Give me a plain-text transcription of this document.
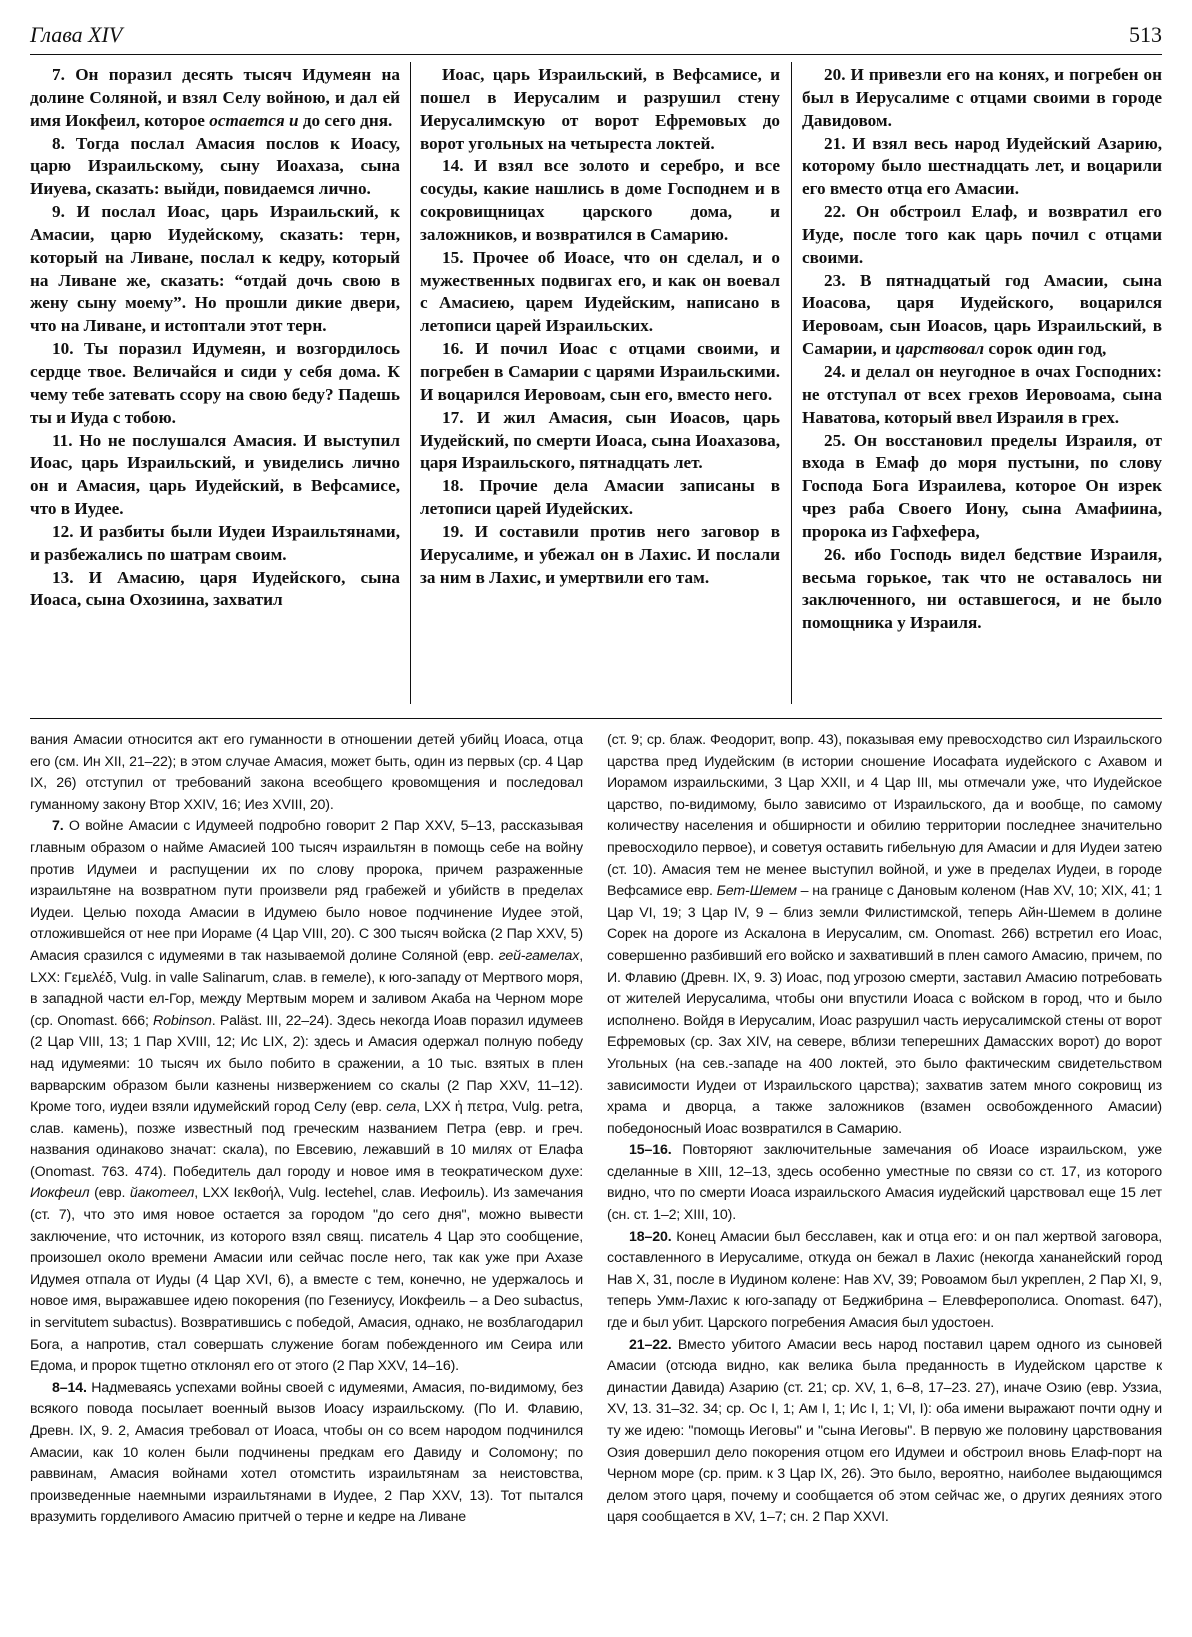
Глава XIV	513

7. Он поразил десять тысяч Идумеян на долине Соляной, и взял Селу войною, и дал ей имя Иокфеил, которое остается и до сего дня.

8. Тогда послал Амасия послов к Иоасу, царю Израильскому, сыну Иоахаза, сына Ииуева, сказать: выйди, повидаемся лично.

9. И послал Иоас, царь Израильский, к Амасии, царю Иудейскому, сказать: терн, который на Ливане, послал к кедру, который на Ливане же, сказать: “отдай дочь свою в жену сыну моему”. Но прошли дикие двери, что на Ливане, и истоптали этот терн.

10. Ты поразил Идумеян, и возгордилось сердце твое. Величайся и сиди у себя дома. К чему тебе затевать ссору на свою беду? Падешь ты и Иуда с тобою.

11. Но не послушался Амасия. И выступил Иоас, царь Израильский, и увиделись лично он и Амасия, царь Иудейский, в Вефсамисе, что в Иудее.

12. И разбиты были Иудеи Израильтянами, и разбежались по шатрам своим.

13. И Амасию, царя Иудейского, сына Иоаса, сына Охозиина, захватил

Иоас, царь Израильский, в Вефсамисе, и пошел в Иерусалим и разрушил стену Иерусалимскую от ворот Ефремовых до ворот угольных на четыреста локтей.

14. И взял все золото и серебро, и все сосуды, какие нашлись в доме Господнем и в сокровищницах царского дома, и заложников, и возвратился в Самарию.

15. Прочее об Иоасе, что он сделал, и о мужественных подвигах его, и как он воевал с Амасиею, царем Иудейским, написано в летописи царей Израильских.

16. И почил Иоас с отцами своими, и погребен в Самарии с царями Израильскими. И воцарился Иеровоам, сын его, вместо него.

17. И жил Амасия, сын Иоасов, царь Иудейский, по смерти Иоаса, сына Иоахазова, царя Израильского, пятнадцать лет.

18. Прочие дела Амасии записаны в летописи царей Иудейских.

19. И составили против него заговор в Иерусалиме, и убежал он в Лахис. И послали за ним в Лахис, и умертвили его там.

20. И привезли его на конях, и погребен он был в Иерусалиме с отцами своими в городе Давидовом.

21. И взял весь народ Иудейский Азарию, которому было шестнадцать лет, и воцарили его вместо отца его Амасии.

22. Он обстроил Елаф, и возвратил его Иуде, после того как царь почил с отцами своими.

23. В пятнадцатый год Амасии, сына Иоасова, царя Иудейского, воцарился Иеровоам, сын Иоасов, царь Израильский, в Самарии, и царствовал сорок один год,

24. и делал он неугодное в очах Господних: не отступал от всех грехов Иеровоама, сына Наватова, который ввел Израиля в грех.

25. Он восстановил пределы Израиля, от входа в Емаф до моря пустыни, по слову Господа Бога Израилева, которое Он изрек чрез раба Своего Иону, сына Амафиина, пророка из Гафхефера,

26. ибо Господь видел бедствие Израиля, весьма горькое, так что не оставалось ни заключенного, ни оставшегося, и не было помощника у Израиля.

вания Амасии относится акт его гуманности в отношении детей убийц Иоаса, отца его (см. Ин XII, 21–22); в этом случае Амасия, может быть, один из первых (ср. 4 Цар IX, 26) отступил от требований закона всеобщего кровомщения и последовал гуманному закону Втор XXIV, 16; Иез XVIII, 20).

7. О войне Амасии с Идумеей подробно говорит 2 Пар XXV, 5–13, рассказывая главным образом о найме Амасией 100 тысяч израильтян в помощь себе на войну против Идумеи и распущении их по слову пророка, причем разраженные израильтяне на возвратном пути произвели ряд грабежей и убийств в пределах Иудеи. Целью похода Амасии в Идумею было новое подчинение Иудее этой, отложившейся от нее при Иораме (4 Цар VIII, 20). С 300 тысяч войска (2 Пар XXV, 5) Амасия сразился с идумеями в так называемой долине Соляной (евр. гей-гамелах, LXX: Γεμελέδ, Vulg. in valle Salinarum, слав. в гемеле), к юго-западу от Мертвого моря, в западной части ел-Гор, между Мертвым морем и заливом Акаба на Черном море (ср. Onomast. 666; Robinson. Paläst. III, 22–24). Здесь некогда Иоав поразил идумеев (2 Цар VIII, 13; 1 Пар XVIII, 12; Ис LIX, 2): здесь и Амасия одержал полную победу над идумеями: 10 тысяч их было побито в сражении, а 10 тыс. взятых в плен варварским образом были казнены низвержением со скалы (2 Пар XXV, 11–12). Кроме того, иудеи взяли идумейский город Селу (евр. села, LXX ἡ πετρα, Vulg. petra, слав. камень), позже известный под греческим названием Петра (евр. и греч. названия одинаково значат: скала), по Евсевию, лежавший в 10 милях от Елафа (Onomast. 763. 474). Победитель дал городу и новое имя в теократическом духе: Иокфеил (евр. йакотеел, LXX Ιεκθοήλ, Vulg. Iectehel, слав. Иефоиль). Из замечания (ст. 7), что это имя новое остается за городом "до сего дня", можно вывести заключение, что источник, из которого взял свящ. писатель 4 Цар это сообщение, произошел около времени Амасии или сейчас после него, так как уже при Ахазе Идумея отпала от Иуды (4 Цар XVI, 6), а вместе с тем, конечно, не удержалось и новое имя, выражавшее идею покорения (по Гезениусу, Иокфеиль – a Deo subactus, in servitutem subactus). Возвратившись с победой, Амасия, однако, не возблагодарил Бога, а напротив, стал совершать служение богам побежденного им Сеира или Едома, и пророк тщетно отклонял его от этого (2 Пар XXV, 14–16).

8–14. Надмеваясь успехами войны своей с идумеями, Амасия, по-видимому, без всякого повода посылает военный вызов Иоасу израильскому. (По И. Флавию, Древн. IX, 9. 2, Амасия требовал от Иоаса, чтобы он со всем народом подчинился Амасии, как 10 колен были подчинены предкам его Давиду и Соломону; по раввинам, Амасия войнами хотел отомстить израильтянам за неистовства, произведенные наемными израильтянами в Иудее, 2 Пар XXV, 13). Тот пытался вразумить горделивого Амасию притчей о терне и кедре на Ливане

(ст. 9; ср. блаж. Феодорит, вопр. 43), показывая ему превосходство сил Израильского царства пред Иудейским (в истории сношение Иосафата иудейского с Ахавом и Иорамом израильскими, 3 Цар XXII, и 4 Цар III, мы отмечали уже, что Иудейское царство, по-видимому, было зависимо от Израильского, да и вообще, по самому количеству населения и обширности и обилию территории последнее значительно превосходило первое), и советуя оставить гибельную для Амасии и для Иудеи затею (ст. 10). Амасия тем не менее выступил войной, и уже в пределах Иудеи, в городе Вефсамисе евр. Бет-Шемем – на границе с Дановым коленом (Нав XV, 10; XIX, 41; 1 Цар VI, 19; 3 Цар IV, 9 – близ земли Филистимской, теперь Айн-Шемем в долине Сорек на дороге из Аскалона в Иерусалим, см. Onomast. 266) встретил его Иоас, совершенно разбивший его войско и захвативший в плен самого Амасию, причем, по И. Флавию (Древн. IX, 9. 3) Иоас, под угрозою смерти, заставил Амасию потребовать от жителей Иерусалима, чтобы они впустили Иоаса с войском в город, что и было исполнено. Войдя в Иерусалим, Иоас разрушил часть иерусалимской стены от ворот Ефремовых (ср. Зах XIV, на севере, вблизи теперешних Дамасских ворот) до ворот Угольных (на сев.-западе на 400 локтей, это было фактическим свидетельством зависимости Иудеи от Израильского царства); захватив затем много сокровищ из храма и дворца, а также заложников (взамен освобожденного Амасии) победоносный Иоас возвратился в Самарию.

15–16. Повторяют заключительные замечания об Иоасе израильском, уже сделанные в XIII, 12–13, здесь особенно уместные по связи со ст. 17, из которого видно, что по смерти Иоаса израильского Амасия иудейский царствовал еще 15 лет (сн. ст. 1–2; XIII, 10).

18–20. Конец Амасии был бесславен, как и отца его: и он пал жертвой заговора, составленного в Иерусалиме, откуда он бежал в Лахис (некогда хананейский город Нав X, 31, после в Иудином колене: Нав XV, 39; Ровоамом был укреплен, 2 Пар XI, 9, теперь Умм-Лахис к юго-западу от Беджибрина – Елевферополиса. Onomast. 647), где и был убит. Царского погребения Амасия был удостоен.

21–22. Вместо убитого Амасии весь народ поставил царем одного из сыновей Амасии (отсюда видно, как велика была преданность в Иудейском царстве к династии Давида) Азарию (ст. 21; ср. XV, 1, 6–8, 17–23. 27), иначе Озию (евр. Уззиа, XV, 13. 31–32. 34; ср. Ос I, 1; Ам I, 1; Ис I, 1; VI, I): оба имени выражают почти одну и ту же идею: "помощь Иеговы" и "сына Иеговы". В первую же половину царствования Озия довершил дело покорения отцом его Идумеи и обстроил вновь Елаф-порт на Черном море (ср. прим. к 3 Цар IX, 26). Это было, вероятно, наиболее выдающимся делом этого царя, почему и сообщается об этом сейчас же, о других деяниях этого царя сообщается в XV, 1–7; сн. 2 Пар XXVI.
